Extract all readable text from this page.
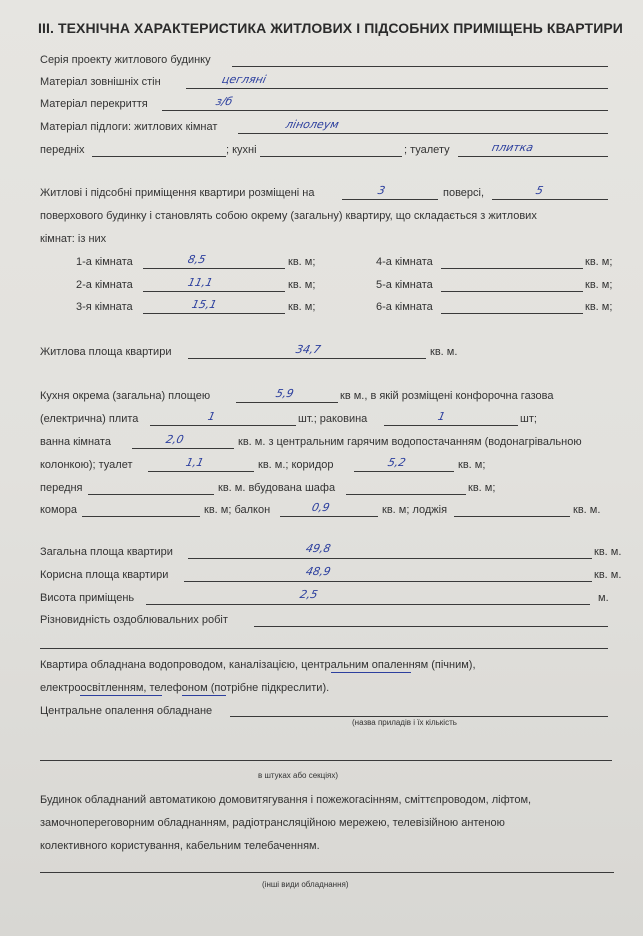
ІІІ. ТЕХНІЧНА ХАРАКТЕРИСТИКА ЖИТЛОВИХ І ПІДСОБНИХ ПРИМІЩЕНЬ КВАРТИРИ
Серія проекту житлового будинку
Матеріал зовнішніх стін	цегляні
Матеріал перекриття	з/б
Матеріал підлоги: житлових кімнат	лінолеум
передніх	; кухні	; туалету	плитка
Житлові і підсобні приміщення квартири розміщені на	3	поверсі,	5
поверхового будинку і становлять собою окрему (загальну) квартиру, що складається з житлових
кімнат: із них
1-а кімната	8,5	кв. м;
2-а кімната	11,1	кв. м;
3-я кімната	15,1	кв. м;
4-а кімната	кв. м;
5-а кімната	кв. м;
6-а кімната	кв. м;
Житлова площа квартири	34,7	кв. м.
Кухня окрема (загальна) площею	5,9	кв м., в якій розміщені конфорочна газова
(електрична) плита	1	шт.; раковина	1	шт;
ванна кімната	2,0	кв. м. з центральним гарячим водопостачанням (водонагрівальною
колонкою); туалет	1,1	кв. м.; коридор	5,2	кв. м;
передня	кв. м. вбудована шафа	кв. м;
комора	кв. м; балкон	0,9	кв. м; лоджія	кв. м.
Загальна площа квартири	49,8	кв. м.
Корисна площа квартири	48,9	кв. м.
Висота приміщень	2,5	м.
Різновидність оздоблювальних робіт
Квартира обладнана водопроводом, каналізацією, центральним опаленням (пічним),
електроосвітленням, телефоном (потрібне підкреслити).
Центральне опалення обладнане
(назва приладів і їх кількість
в штуках або секціях)
Будинок обладнаний автоматикою домовитягування і пожежогасінням, сміттєпроводом, ліфтом,
замочнопереговорним обладнанням, радіотрансляційною мережею, телевізійною антеною
колективного користування, кабельним телебаченням.
(інші види обладнання)
